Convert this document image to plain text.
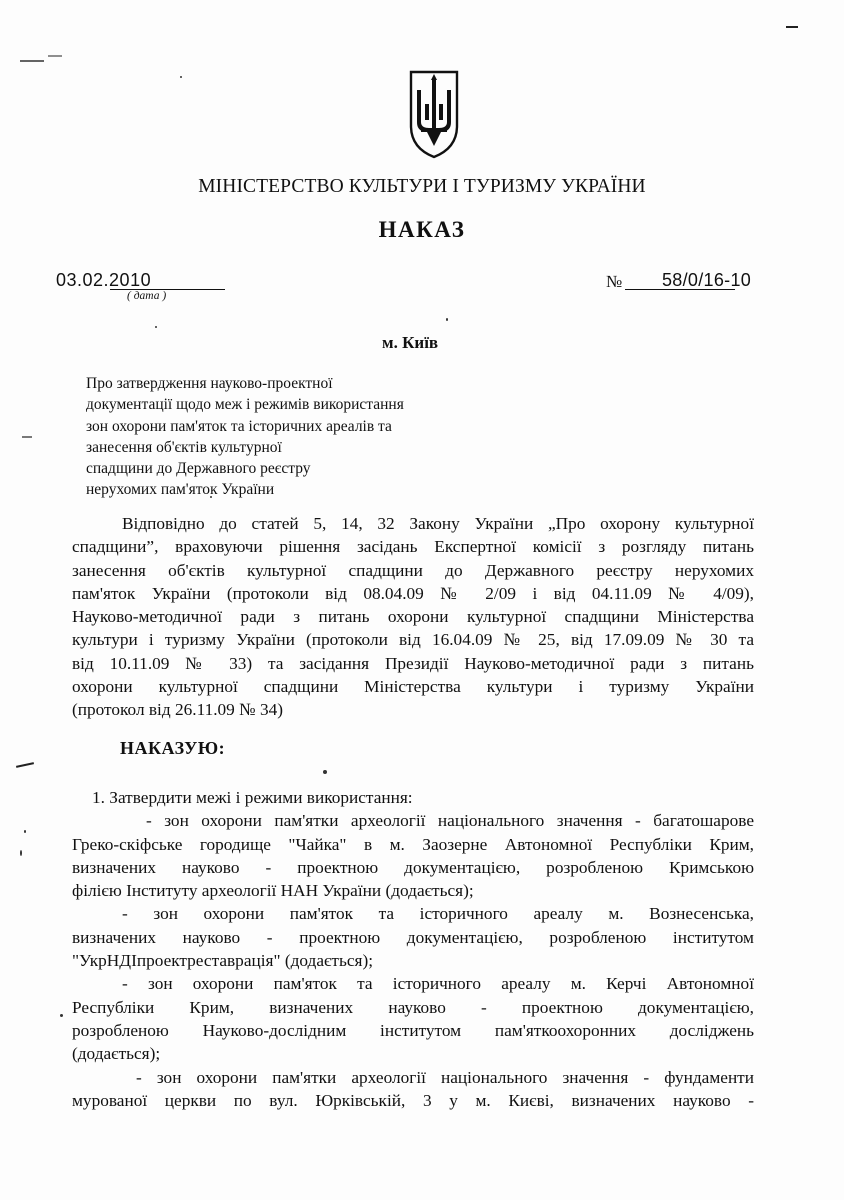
МІНІСТЕРСТВО КУЛЬТУРИ І ТУРИЗМУ УКРАЇНИ
НАКАЗ
03.02.2010
( дата )
№ 58/0/16-10
м. Київ
Про затвердження науково-проектної
документації щодо меж і режимів використання
зон охорони пам'яток та історичних ареалів та
занесення об'єктів культурної
спадщини до Державного реєстру
нерухомих пам'яток України
Відповідно до статей 5, 14, 32 Закону України „Про охорону культурної
спадщини”, враховуючи рішення засідань Експертної комісії з розгляду питань
занесення об'єктів культурної спадщини до Державного реєстру нерухомих
пам'яток України (протоколи від 08.04.09 № 2/09 і від 04.11.09 № 4/09),
Науково-методичної ради з питань охорони культурної спадщини Міністерства
культури і туризму України (протоколи від 16.04.09 № 25, від 17.09.09 № 30 та
від 10.11.09 № 33) та засідання Президії Науково-методичної ради з питань
охорони культурної спадщини Міністерства культури і туризму України
(протокол від 26.11.09 № 34)
НАКАЗУЮ:
1. Затвердити межі і режими використання:
- зон охорони пам'ятки археології національного значення - багатошарове
Греко-скіфське городище "Чайка" в м. Заозерне Автономної Республіки Крим,
визначених науково - проектною документацією, розробленою Кримською
філією Інституту археології НАН України (додається);
- зон охорони пам'яток та історичного ареалу м. Вознесенська,
визначених науково - проектною документацією, розробленою інститутом
"УкрНДІпроектреставрація" (додається);
- зон охорони пам'яток та історичного ареалу м. Керчі Автономної
Республіки Крим, визначених науково - проектною документацією,
розробленою Науково-дослідним інститутом пам'яткоохоронних досліджень
(додається);
- зон охорони пам'ятки археології національного значення - фундаменти
мурованої церкви по вул. Юрківській, 3 у м. Києві, визначених науково -
